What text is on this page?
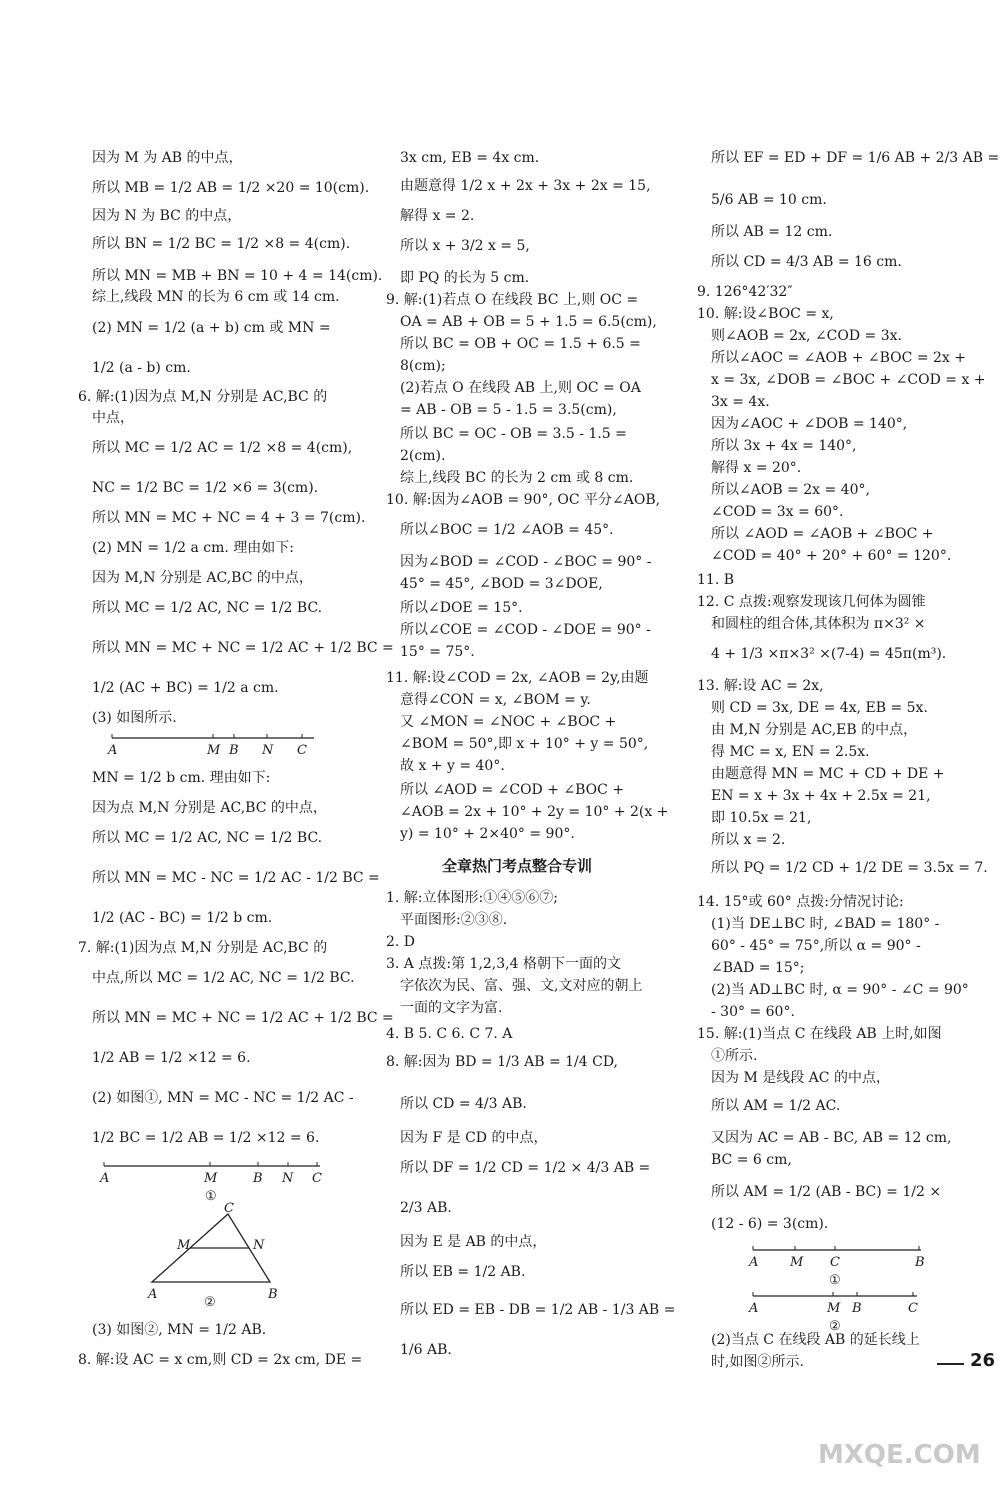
因为 M 为 AB 的中点，
所以 MB = 1/2 AB = 1/2 ×20 = 10(cm).
因为 N 为 BC 的中点，
所以 BN = 1/2 BC = 1/2 ×8 = 4(cm).
所以 MN = MB + BN = 10 + 4 = 14(cm).
综上,线段 MN 的长为 6 cm 或 14 cm.
(2) MN = 1/2 (a + b) cm 或 MN =
1/2 (a - b) cm.
6. 解:(1)因为点 M,N 分别是 AC,BC 的
中点，
所以 MC = 1/2 AC = 1/2 ×8 = 4(cm),
NC = 1/2 BC = 1/2 ×6 = 3(cm).
所以 MN = MC + NC = 4 + 3 = 7(cm).
(2) MN = 1/2 a cm. 理由如下:
因为 M,N 分别是 AC,BC 的中点，
所以 MC = 1/2 AC, NC = 1/2 BC.
所以 MN = MC + NC = 1/2 AC + 1/2 BC =
1/2 (AC + BC) = 1/2 a cm.
(3) 如图所示.
A	M B N C
MN = 1/2 b cm. 理由如下:
因为点 M,N 分别是 AC,BC 的中点，
所以 MC = 1/2 AC, NC = 1/2 BC.
所以 MN = MC - NC = 1/2 AC - 1/2 BC =
1/2 (AC - BC) = 1/2 b cm.
7. 解:(1)因为点 M,N 分别是 AC,BC 的
中点,所以 MC = 1/2 AC, NC = 1/2 BC.
所以 MN = MC + NC = 1/2 AC + 1/2 BC =
1/2 AB = 1/2 ×12 = 6.
(2) 如图①, MN = MC - NC = 1/2 AC -
1/2 BC = 1/2 AB = 1/2 ×12 = 6.
A	M	B N C
①
C
M	N
A	B
②
(3) 如图②, MN = 1/2 AB.
8. 解:设 AC = x cm,则 CD = 2x cm, DE =
3x cm, EB = 4x cm.
由题意得 1/2 x + 2x + 3x + 2x = 15,
解得 x = 2.
所以 x + 3/2 x = 5,
即 PQ 的长为 5 cm.
9. 解:(1)若点 O 在线段 BC 上,则 OC =
OA = AB + OB = 5 + 1.5 = 6.5(cm),
所以 BC = OB + OC = 1.5 + 6.5 =
8(cm);
(2)若点 O 在线段 AB 上,则 OC = OA
= AB - OB = 5 - 1.5 = 3.5(cm),
所以 BC = OC - OB = 3.5 - 1.5 =
2(cm).
综上,线段 BC 的长为 2 cm 或 8 cm.
10. 解:因为∠AOB = 90°, OC 平分∠AOB,
所以∠BOC = 1/2 ∠AOB = 45°.
因为∠BOD = ∠COD - ∠BOC = 90° -
45° = 45°, ∠BOD = 3∠DOE,
所以∠DOE = 15°.
所以∠COE = ∠COD - ∠DOE = 90° -
15° = 75°.
11. 解:设∠COD = 2x, ∠AOB = 2y,由题
意得∠CON = x, ∠BOM = y.
又 ∠MON = ∠NOC + ∠BOC +
∠BOM = 50°,即 x + 10° + y = 50°,
故 x + y = 40°.
所以 ∠AOD = ∠COD + ∠BOC +
∠AOB = 2x + 10° + 2y = 10° + 2(x +
y) = 10° + 2×40° = 90°.
全章热门考点整合专训
1. 解:立体图形:①④⑤⑥⑦;
平面图形:②③⑧.
2. D
3. A 点拨:第 1,2,3,4 格朝下一面的文
字依次为民、富、强、文,文对应的朝上
一面的文字为富.
4. B 5. C 6. C 7. A
8. 解:因为 BD = 1/3 AB = 1/4 CD,
所以 CD = 4/3 AB.
因为 F 是 CD 的中点，
所以 DF = 1/2 CD = 1/2 × 4/3 AB =
2/3 AB.
因为 E 是 AB 的中点，
所以 EB = 1/2 AB.
所以 ED = EB - DB = 1/2 AB - 1/3 AB =
1/6 AB.
所以 EF = ED + DF = 1/6 AB + 2/3 AB =
5/6 AB = 10 cm.
所以 AB = 12 cm.
所以 CD = 4/3 AB = 16 cm.
9. 126°42′32″
10. 解:设∠BOC = x,
则∠AOB = 2x, ∠COD = 3x.
所以∠AOC = ∠AOB + ∠BOC = 2x +
x = 3x, ∠DOB = ∠BOC + ∠COD = x +
3x = 4x.
因为∠AOC + ∠DOB = 140°,
所以 3x + 4x = 140°,
解得 x = 20°.
所以∠AOB = 2x = 40°,
∠COD = 3x = 60°.
所以 ∠AOD = ∠AOB + ∠BOC +
∠COD = 40° + 20° + 60° = 120°.
11. B
12. C 点拨:观察发现该几何体为圆锥
和圆柱的组合体,其体积为 π×3² ×
4 + 1/3 ×π×3² ×(7-4) = 45π(m³).
13. 解:设 AC = 2x,
则 CD = 3x, DE = 4x, EB = 5x.
由 M,N 分别是 AC,EB 的中点，
得 MC = x, EN = 2.5x.
由题意得 MN = MC + CD + DE +
EN = x + 3x + 4x + 2.5x = 21,
即 10.5x = 21,
所以 x = 2.
所以 PQ = 1/2 CD + 1/2 DE = 3.5x = 7.
14. 15°或 60° 点拨:分情况讨论:
(1)当 DE⊥BC 时, ∠BAD = 180° -
60° - 45° = 75°,所以 α = 90° -
∠BAD = 15°;
(2)当 AD⊥BC 时, α = 90° - ∠C = 90°
- 30° = 60°.
15. 解:(1)当点 C 在线段 AB 上时,如图
①所示.
因为 M 是线段 AC 的中点，
所以 AM = 1/2 AC.
又因为 AC = AB - BC, AB = 12 cm,
BC = 6 cm,
所以 AM = 1/2 (AB - BC) = 1/2 ×
(12 - 6) = 3(cm).
A M C	B
①
A	M B	C
②
(2)当点 C 在线段 AB 的延长线上
时,如图②所示.	26
MXQE.COM
